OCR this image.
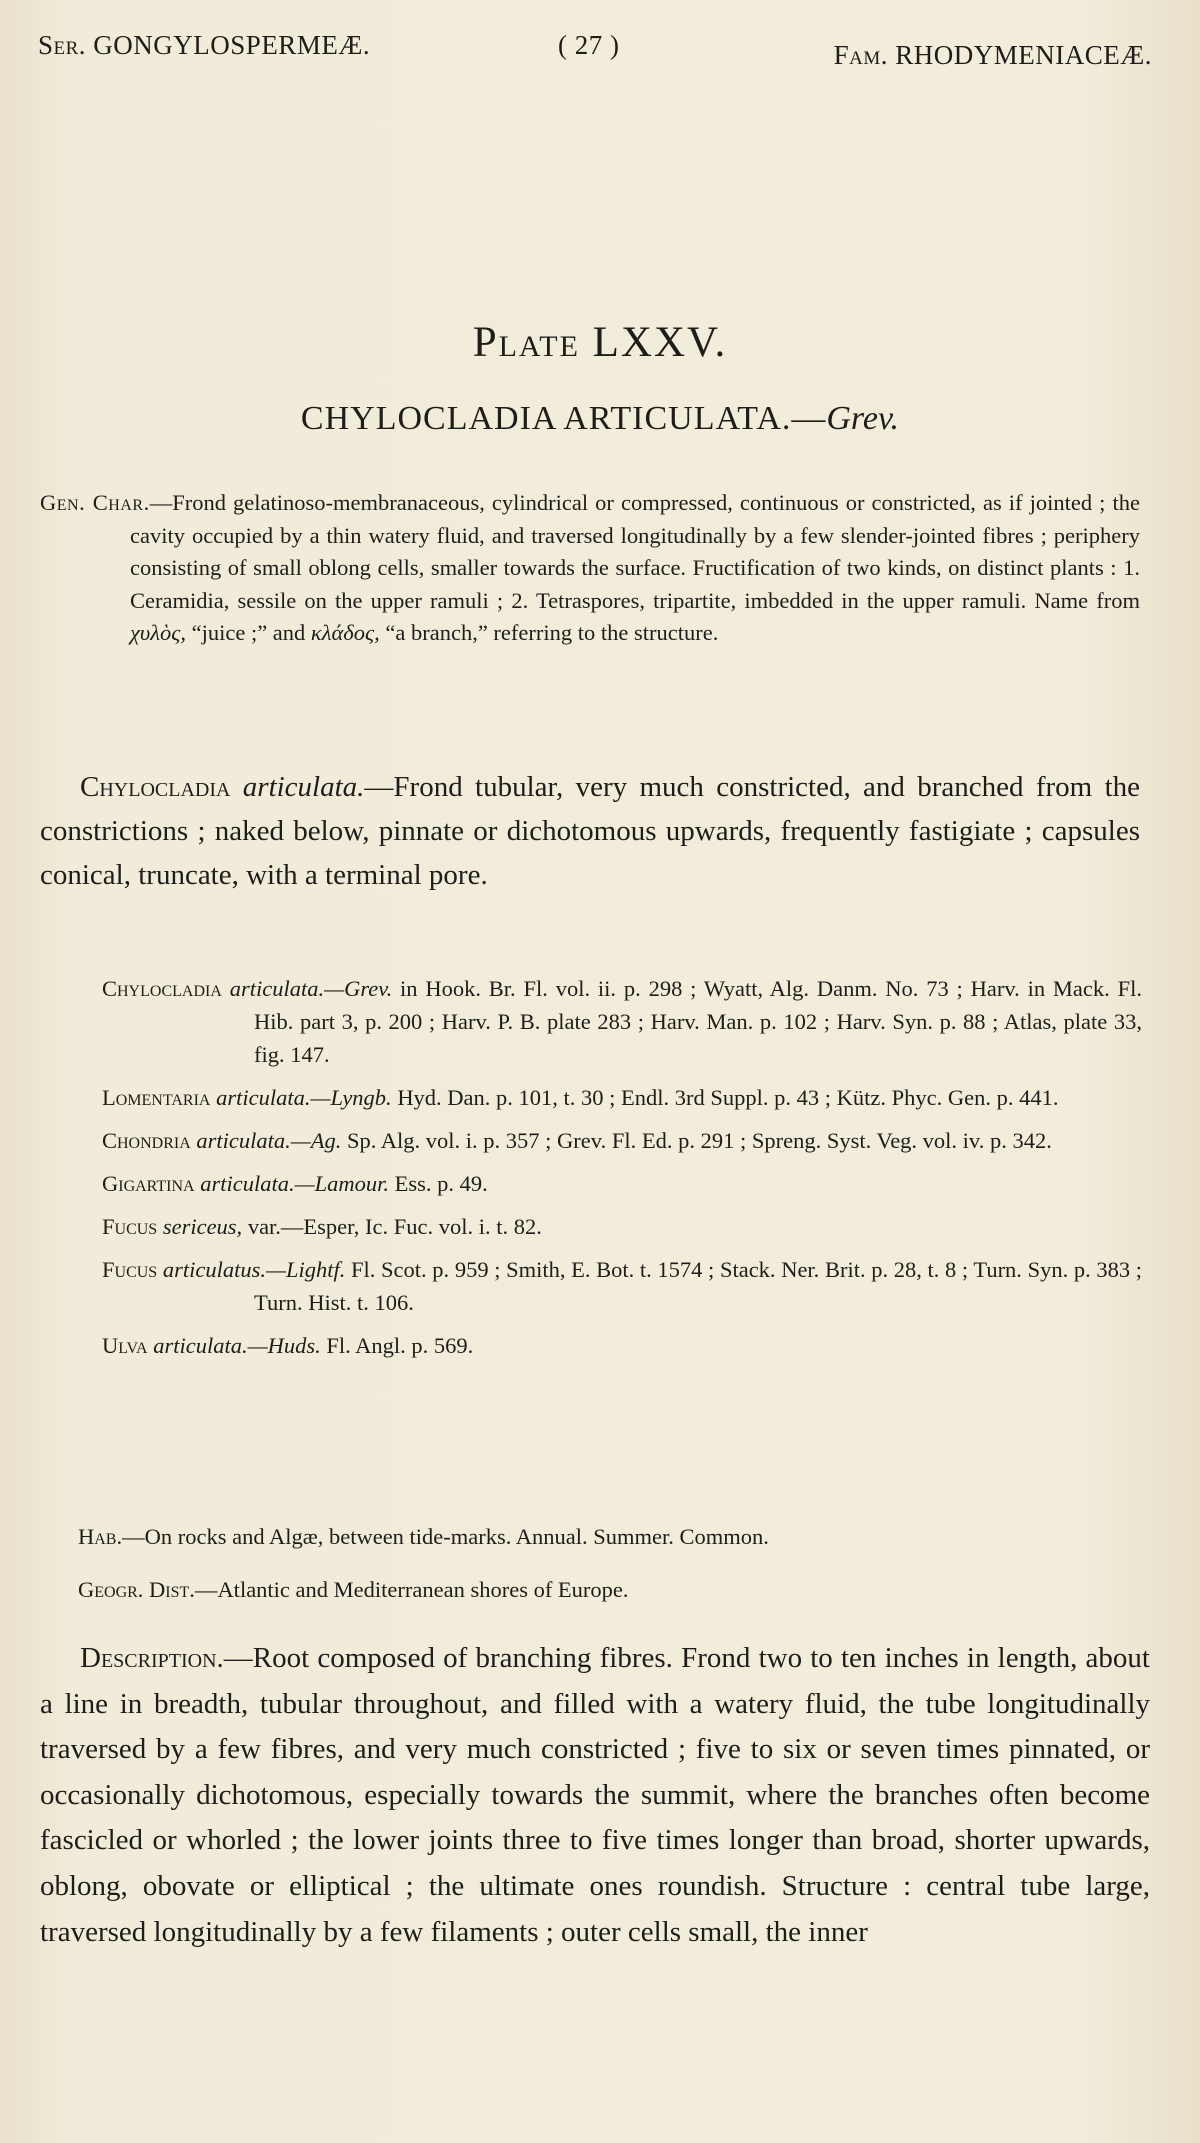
Ser. GONGYLOSPERMEÆ.	( 27 )	Fam. RHODYMENIACEÆ.
Plate LXXV.
CHYLOCLADIA ARTICULATA.—Grev.
Gen. Char.—Frond gelatinoso-membranaceous, cylindrical or compressed, continuous or constricted, as if jointed ; the cavity occupied by a thin watery fluid, and traversed longitudinally by a few slender-jointed fibres ; periphery consisting of small oblong cells, smaller towards the surface. Fructification of two kinds, on distinct plants : 1. Ceramidia, sessile on the upper ramuli ; 2. Tetraspores, tripartite, imbedded in the upper ramuli. Name from χυλὸς, “juice ;” and κλάδος, “a branch,” referring to the structure.
Chylocladia articulata.—Frond tubular, very much constricted, and branched from the constrictions ; naked below, pinnate or dichotomous upwards, frequently fastigiate ; capsules conical, truncate, with a terminal pore.
Chylocladia articulata.—Grev. in Hook. Br. Fl. vol. ii. p. 298 ; Wyatt, Alg. Danm. No. 73 ; Harv. in Mack. Fl. Hib. part 3, p. 200 ; Harv. P. B. plate 283 ; Harv. Man. p. 102 ; Harv. Syn. p. 88 ; Atlas, plate 33, fig. 147.
Lomentaria articulata.—Lyngb. Hyd. Dan. p. 101, t. 30 ; Endl. 3rd Suppl. p. 43 ; Kütz. Phyc. Gen. p. 441.
Chondria articulata.—Ag. Sp. Alg. vol. i. p. 357 ; Grev. Fl. Ed. p. 291 ; Spreng. Syst. Veg. vol. iv. p. 342.
Gigartina articulata.—Lamour. Ess. p. 49.
Fucus sericeus, var.—Esper, Ic. Fuc. vol. i. t. 82.
Fucus articulatus.—Lightf. Fl. Scot. p. 959 ; Smith, E. Bot. t. 1574 ; Stack. Ner. Brit. p. 28, t. 8 ; Turn. Syn. p. 383 ; Turn. Hist. t. 106.
Ulva articulata.—Huds. Fl. Angl. p. 569.

Hab.—On rocks and Algæ, between tide-marks. Annual. Summer. Common.

Geogr. Dist.—Atlantic and Mediterranean shores of Europe.

Description.—Root composed of branching fibres. Frond two to ten inches in length, about a line in breadth, tubular throughout, and filled with a watery fluid, the tube longitudinally traversed by a few fibres, and very much constricted ; five to six or seven times pinnated, or occasionally dichotomous, especially towards the summit, where the branches often become fascicled or whorled ; the lower joints three to five times longer than broad, shorter upwards, oblong, obovate or elliptical ; the ultimate ones roundish. Structure : central tube large, traversed longitudinally by a few filaments ; outer cells small, the inner
